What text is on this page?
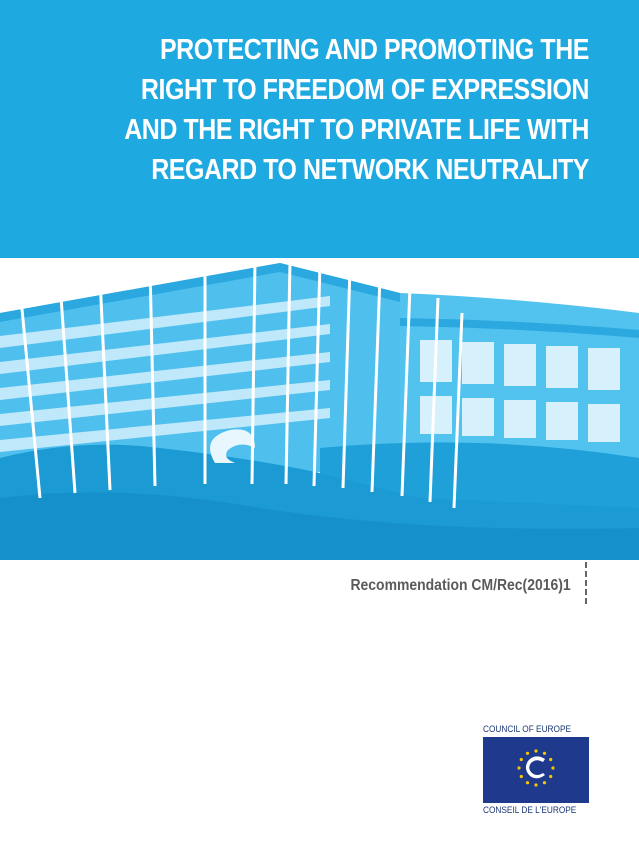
PROTECTING AND PROMOTING THE
RIGHT TO FREEDOM OF EXPRESSION
AND THE RIGHT TO PRIVATE LIFE WITH
REGARD TO NETWORK NEUTRALITY
Recommendation CM/Rec(2016)1
COUNCIL OF EUROPE
CONSEIL DE L'EUROPE
